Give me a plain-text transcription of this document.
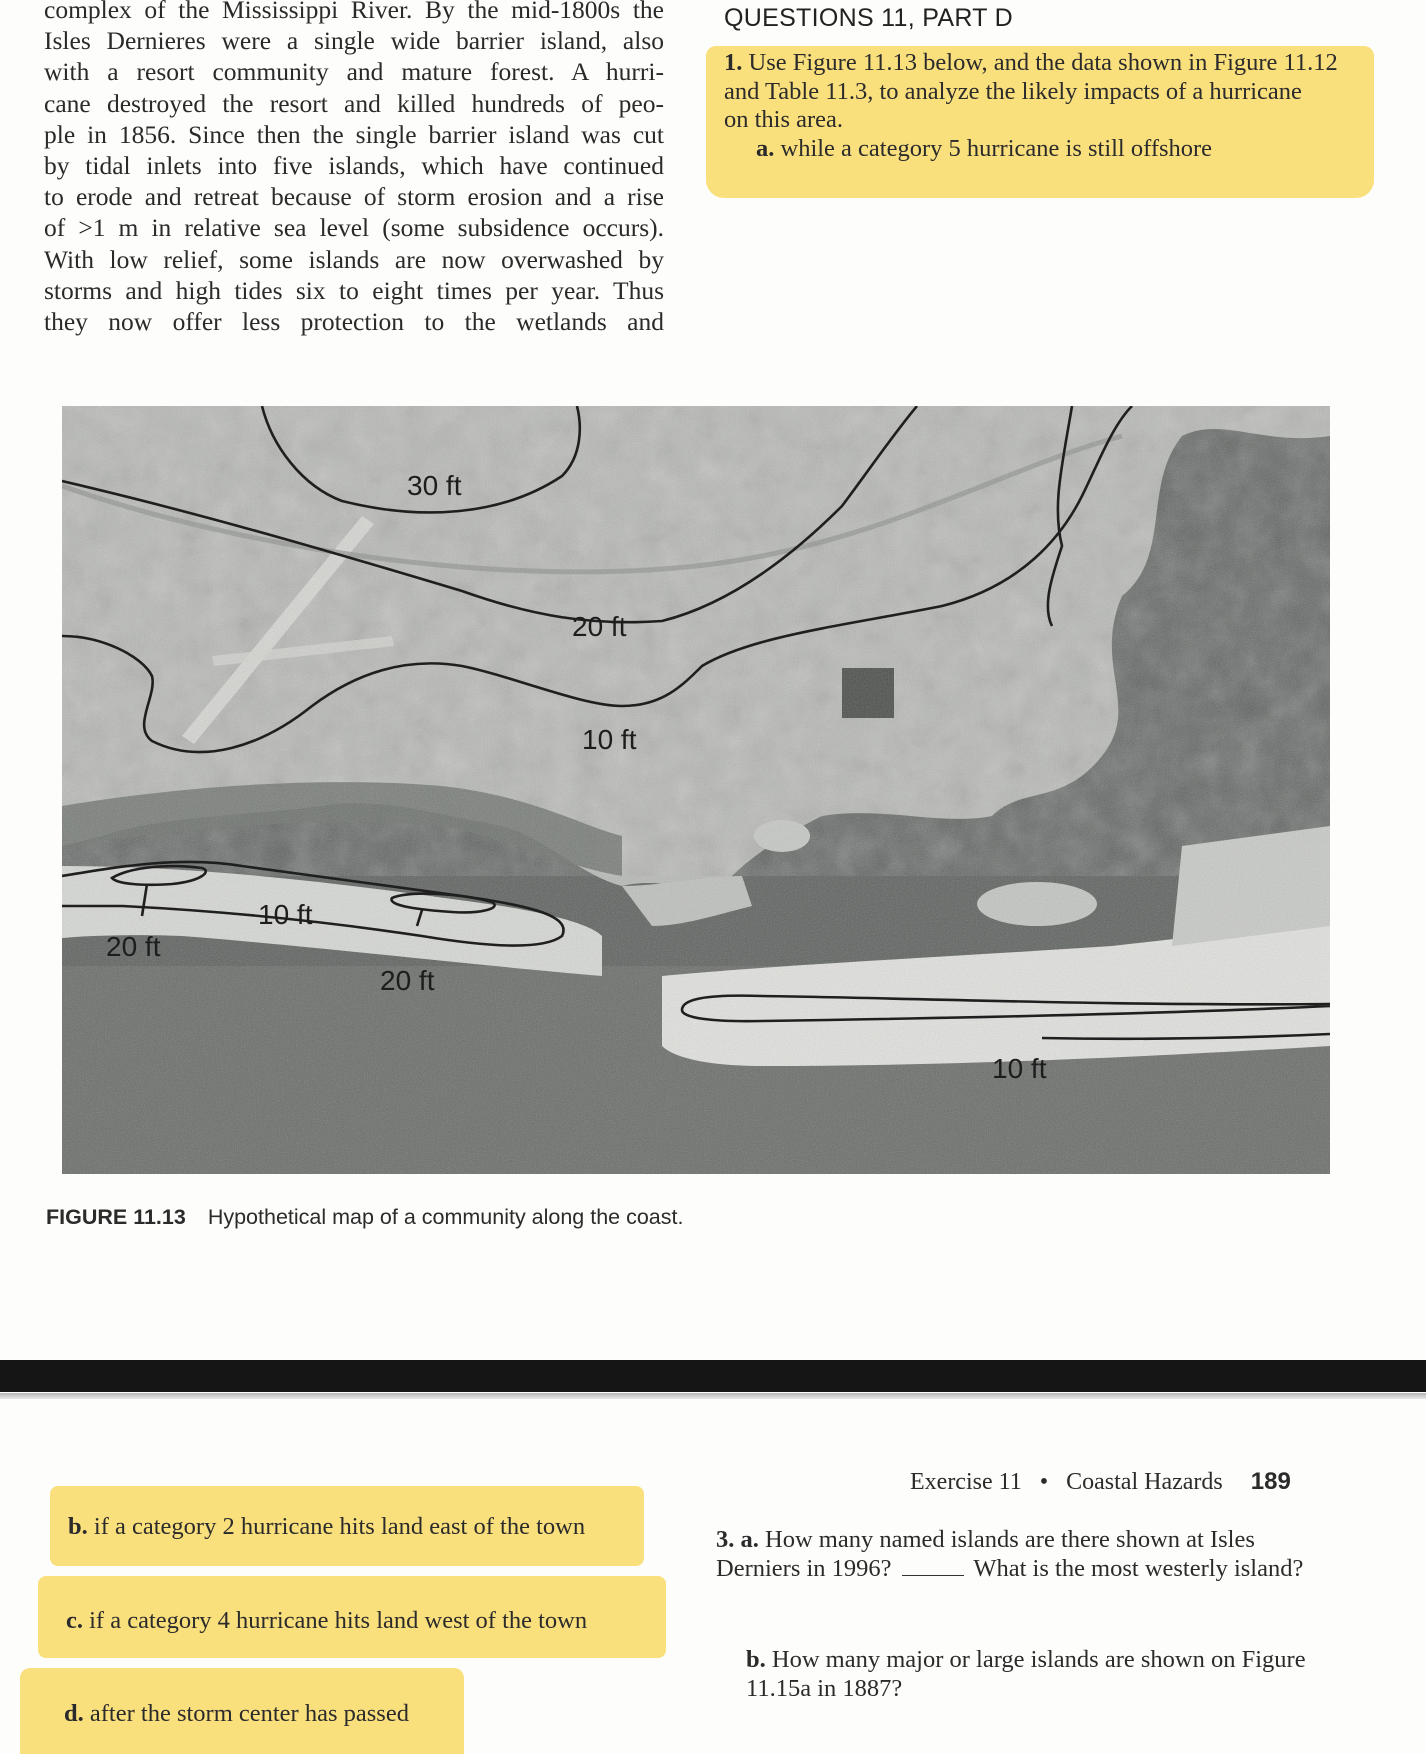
complex of the Mississippi River. By the mid-1800s the
Isles Dernieres were a single wide barrier island, also
with a resort community and mature forest. A hurri-
cane destroyed the resort and killed hundreds of peo-
ple in 1856. Since then the single barrier island was cut
by tidal inlets into five islands, which have continued
to erode and retreat because of storm erosion and a rise
of >1 m in relative sea level (some subsidence occurs).
With low relief, some islands are now overwashed by
storms and high tides six to eight times per year. Thus
they now offer less protection to the wetlands and
QUESTIONS 11, PART D
1. Use Figure 11.13 below, and the data shown in Figure 11.12
and Table 11.3, to analyze the likely impacts of a hurricane
on this area.
a. while a category 5 hurricane is still offshore
30 ft
20 ft
10 ft
10 ft
20 ft
20 ft
10 ft
FIGURE 11.13 Hypothetical map of a community along the coast.
Exercise 11 • Coastal Hazards 189
b. if a category 2 hurricane hits land east of the town
c. if a category 4 hurricane hits land west of the town
d. after the storm center has passed
3. a. How many named islands are there shown at Isles
Derniers in 1996?	What is the most westerly island?
b. How many major or large islands are shown on Figure
11.15a in 1887?
